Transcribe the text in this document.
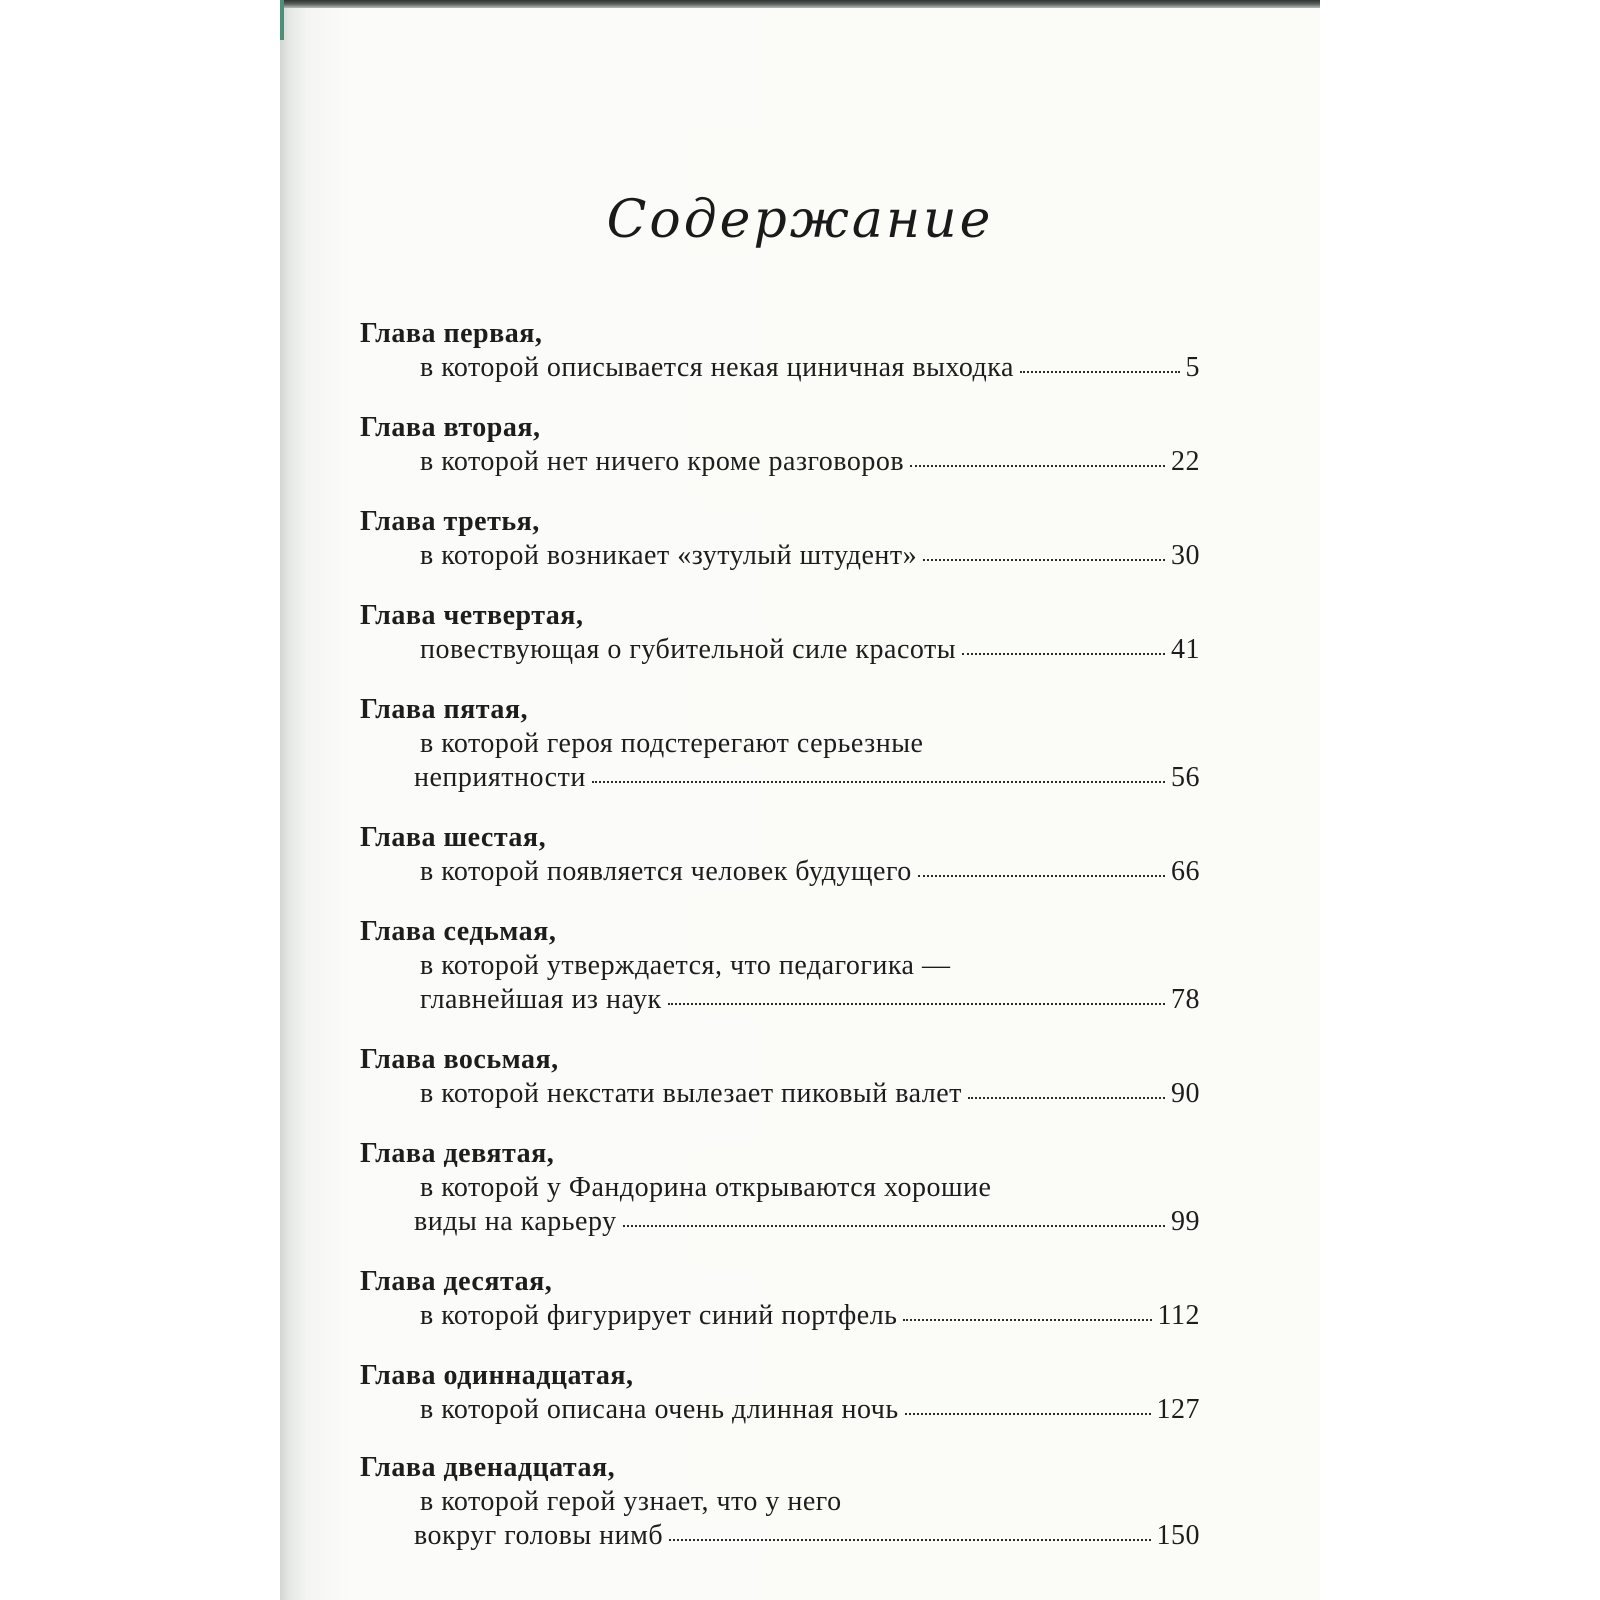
Содержание
Глава первая,
в которой описывается некая циничная выходка	5
Глава вторая,
в которой нет ничего кроме разговоров	22
Глава третья,
в которой возникает «зутулый штудент»	30
Глава четвертая,
повествующая о губительной силе красоты	41
Глава пятая,
в которой героя подстерегают серьезные
неприятности	56
Глава шестая,
в которой появляется человек будущего	66
Глава седьмая,
в которой утверждается, что педагогика —
главнейшая из наук	78
Глава восьмая,
в которой некстати вылезает пиковый валет	90
Глава девятая,
в которой у Фандорина открываются хорошие
виды на карьеру	99
Глава десятая,
в которой фигурирует синий портфель	112
Глава одиннадцатая,
в которой описана очень длинная ночь	127
Глава двенадцатая,
в которой герой узнает, что у него
вокруг головы нимб	150
